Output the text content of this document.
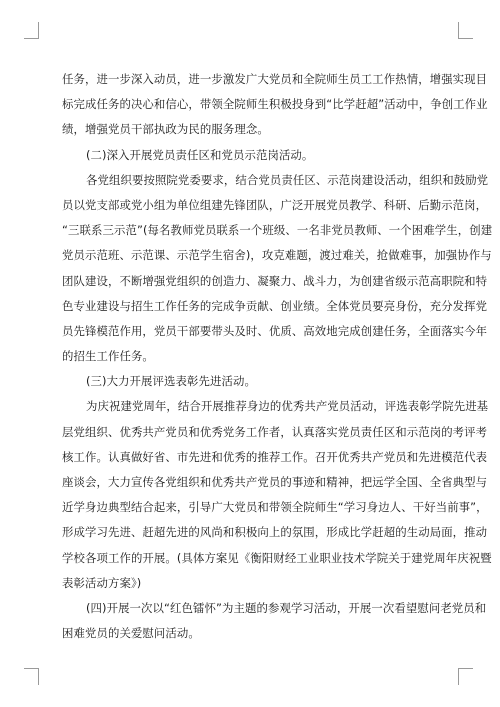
任务，进一步深入动员，进一步激发广大党员和全院师生员工工作热情，增强实现目
标完成任务的决心和信心，带领全院师生积极投身到“比学赶超”活动中，争创工作业
绩，增强党员干部执政为民的服务理念。
(二)深入开展党员责任区和党员示范岗活动。
各党组织要按照院党委要求，结合党员责任区、示范岗建设活动，组织和鼓励党
员以党支部或党小组为单位组建先锋团队，广泛开展党员教学、科研、后勤示范岗，
“三联系三示范”(每名教师党员联系一个班级、一名非党员教师、一个困难学生，创建
党员示范班、示范课、示范学生宿舍)，攻克难题，渡过难关，抢做难事，加强协作与
团队建设，不断增强党组织的创造力、凝聚力、战斗力，为创建省级示范高职院和特
色专业建设与招生工作任务的完成争贡献、创业绩。全体党员要亮身份，充分发挥党
员先锋模范作用，党员干部要带头及时、优质、高效地完成创建任务，全面落实今年
的招生工作任务。
(三)大力开展评选表彰先进活动。
为庆祝建党周年，结合开展推荐身边的优秀共产党员活动，评选表彰学院先进基
层党组织、优秀共产党员和优秀党务工作者，认真落实党员责任区和示范岗的考评考
核工作。认真做好省、市先进和优秀的推荐工作。召开优秀共产党员和先进模范代表
座谈会，大力宣传各党组织和优秀共产党员的事迹和精神，把远学全国、全省典型与
近学身边典型结合起来，引导广大党员和带领全院师生“学习身边人、干好当前事”，
形成学习先进、赶超先进的风尚和积极向上的氛围，形成比学赶超的生动局面，推动
学校各项工作的开展。(具体方案见《衡阳财经工业职业技术学院关于建党周年庆祝暨
表彰活动方案》)
(四)开展一次以“红色镭怀”为主题的参观学习活动，开展一次看望慰问老党员和
困难党员的关爱慰问活动。
